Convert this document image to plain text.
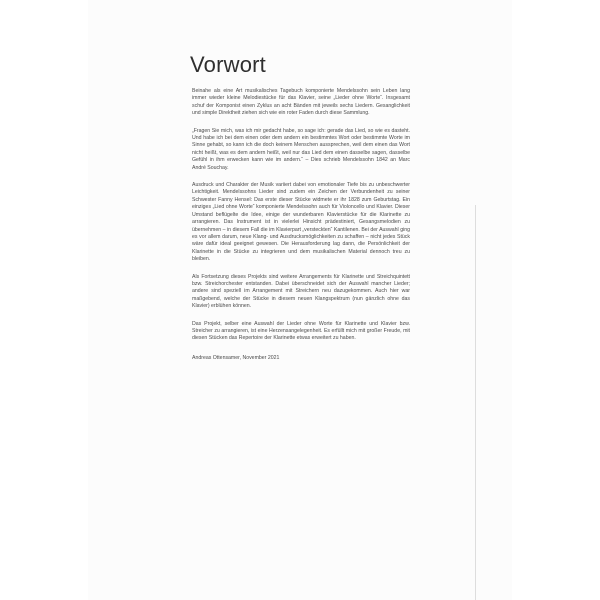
Vorwort

Beinahe als eine Art musikalisches Tagebuch komponierte Mendelssohn sein Leben lang immer wieder kleine Melodiestücke für das Klavier, seine „Lieder ohne Worte“. Insgesamt schuf der Komponist einen Zyklus an acht Bänden mit jeweils sechs Liedern. Gesanglichkeit und simple Direktheit ziehen sich wie ein roter Faden durch diese Sammlung.

„Fragen Sie mich, was ich mir gedacht habe, so sage ich: gerade das Lied, so wie es dasteht. Und habe ich bei dem einen oder dem andern ein bestimmtes Wort oder bestimmte Worte im Sinne gehabt, so kann ich die doch keinem Menschen aussprechen, weil dem einen das Wort nicht heißt, was es dem andern heißt, weil nur das Lied dem einen dasselbe sagen, dasselbe Gefühl in ihm erwecken kann wie im andern.“ – Dies schrieb Mendelssohn 1842 an Marc André Souchay.

Ausdruck und Charakter der Musik variiert dabei von emotionaler Tiefe bis zu unbeschwerter Leichtigkeit. Mendelssohns Lieder sind zudem ein Zeichen der Verbundenheit zu seiner Schwester Fanny Hensel: Das erste dieser Stücke widmete er ihr 1828 zum Geburtstag. Ein einziges „Lied ohne Worte“ komponierte Mendelssohn auch für Violoncello und Klavier. Dieser Umstand beflügelte die Idee, einige der wunderbaren Klavierstücke für die Klarinette zu arrangieren. Das Instrument ist in vielerlei Hinsicht prädestiniert, Gesangsmelodien zu übernehmen – in diesem Fall die im Klavierpart „versteckten“ Kantilenen. Bei der Auswahl ging es vor allem darum, neue Klang- und Ausdrucksmöglichkeiten zu schaffen – nicht jedes Stück wäre dafür ideal geeignet gewesen. Die Herausforderung lag dann, die Persönlichkeit der Klarinette in die Stücke zu integrieren und dem musikalischen Material dennoch treu zu bleiben.

Als Fortsetzung dieses Projekts sind weitere Arrangements für Klarinette und Streichquintett bzw. Streichorchester entstanden. Dabei überschneidet sich der Auswahl mancher Lieder; andere sind speziell im Arrangement mit Streichern neu dazugekommen. Auch hier war maßgebend, welche der Stücke in diesem neuen Klangspektrum (nun gänzlich ohne das Klavier) erblühen können.

Das Projekt, selber eine Auswahl der Lieder ohne Worte für Klarinette und Klavier bzw. Streicher zu arrangieren, ist eine Herzensangelegenheit. Es erfüllt mich mit großer Freude, mit diesen Stücken das Repertoire der Klarinette etwas erweitert zu haben.

Andreas Ottensamer, November 2021
